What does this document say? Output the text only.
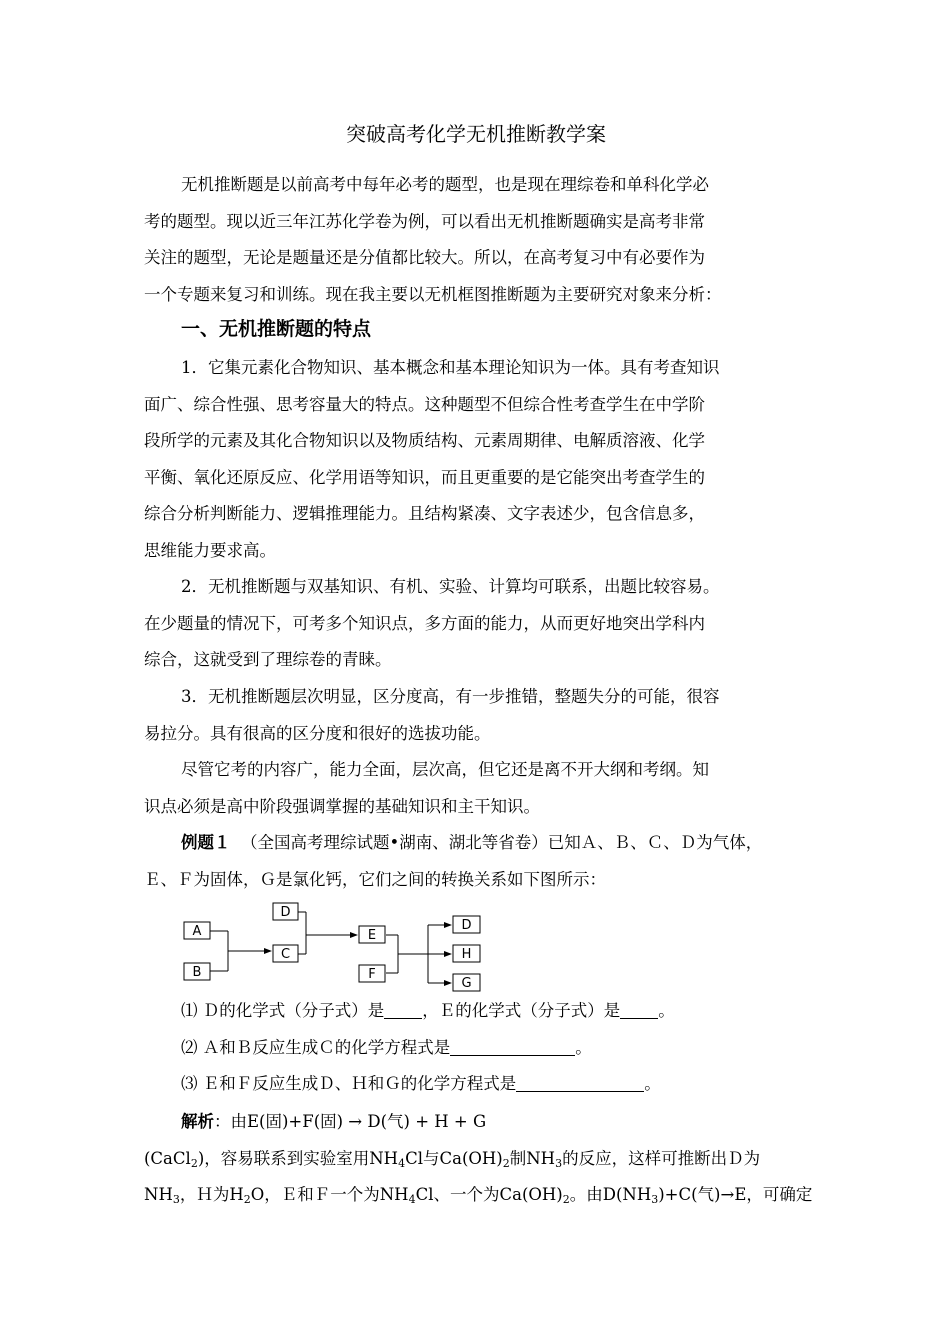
突破高考化学无机推断教学案
无机推断题是以前高考中每年必考的题型，也是现在理综卷和单科化学必
考的题型。现以近三年江苏化学卷为例，可以看出无机推断题确实是高考非常
关注的题型，无论是题量还是分值都比较大。所以，在高考复习中有必要作为
一个专题来复习和训练。现在我主要以无机框图推断题为主要研究对象来分析：
一、无机推断题的特点
1．它集元素化合物知识、基本概念和基本理论知识为一体。具有考查知识
面广、综合性强、思考容量大的特点。这种题型不但综合性考查学生在中学阶
段所学的元素及其化合物知识以及物质结构、元素周期律、电解质溶液、化学
平衡、氧化还原反应、化学用语等知识，而且更重要的是它能突出考查学生的
综合分析判断能力、逻辑推理能力。且结构紧凑、文字表述少，包含信息多，
思维能力要求高。
2．无机推断题与双基知识、有机、实验、计算均可联系，出题比较容易。
在少题量的情况下，可考多个知识点，多方面的能力，从而更好地突出学科内
综合，这就受到了理综卷的青睐。
3．无机推断题层次明显，区分度高，有一步推错，整题失分的可能，很容
易拉分。具有很高的区分度和很好的选拔功能。
尽管它考的内容广，能力全面，层次高，但它还是离不开大纲和考纲。知
识点必须是高中阶段强调掌握的基础知识和主干知识。
例题１ （全国高考理综试题•湖南、湖北等省卷）已知Ａ、Ｂ、Ｃ、Ｄ为气体，
Ｅ、Ｆ为固体，Ｇ是氯化钙，它们之间的转换关系如下图所示：
A
B
D
C
E
F
D
H
G
⑴ Ｄ的化学式（分子式）是 ，Ｅ的化学式（分子式）是 。
⑵ Ａ和Ｂ反应生成Ｃ的化学方程式是	。
⑶ Ｅ和Ｆ反应生成Ｄ、Ｈ和Ｇ的化学方程式是	。
解析：由E(固)+F(固) → D(气) + H + G
(CaCl$_2$)，容易联系到实验室用$NH_4Cl$与$Ca(OH)_2$制$NH_3$的反应，这样可推断出Ｄ为
$NH_3$，Ｈ为$H_2O$，Ｅ和Ｆ一个为$NH_4Cl$、一个为$Ca(OH)_2$。由$D(NH_3)+C$(气)→E，可确定
